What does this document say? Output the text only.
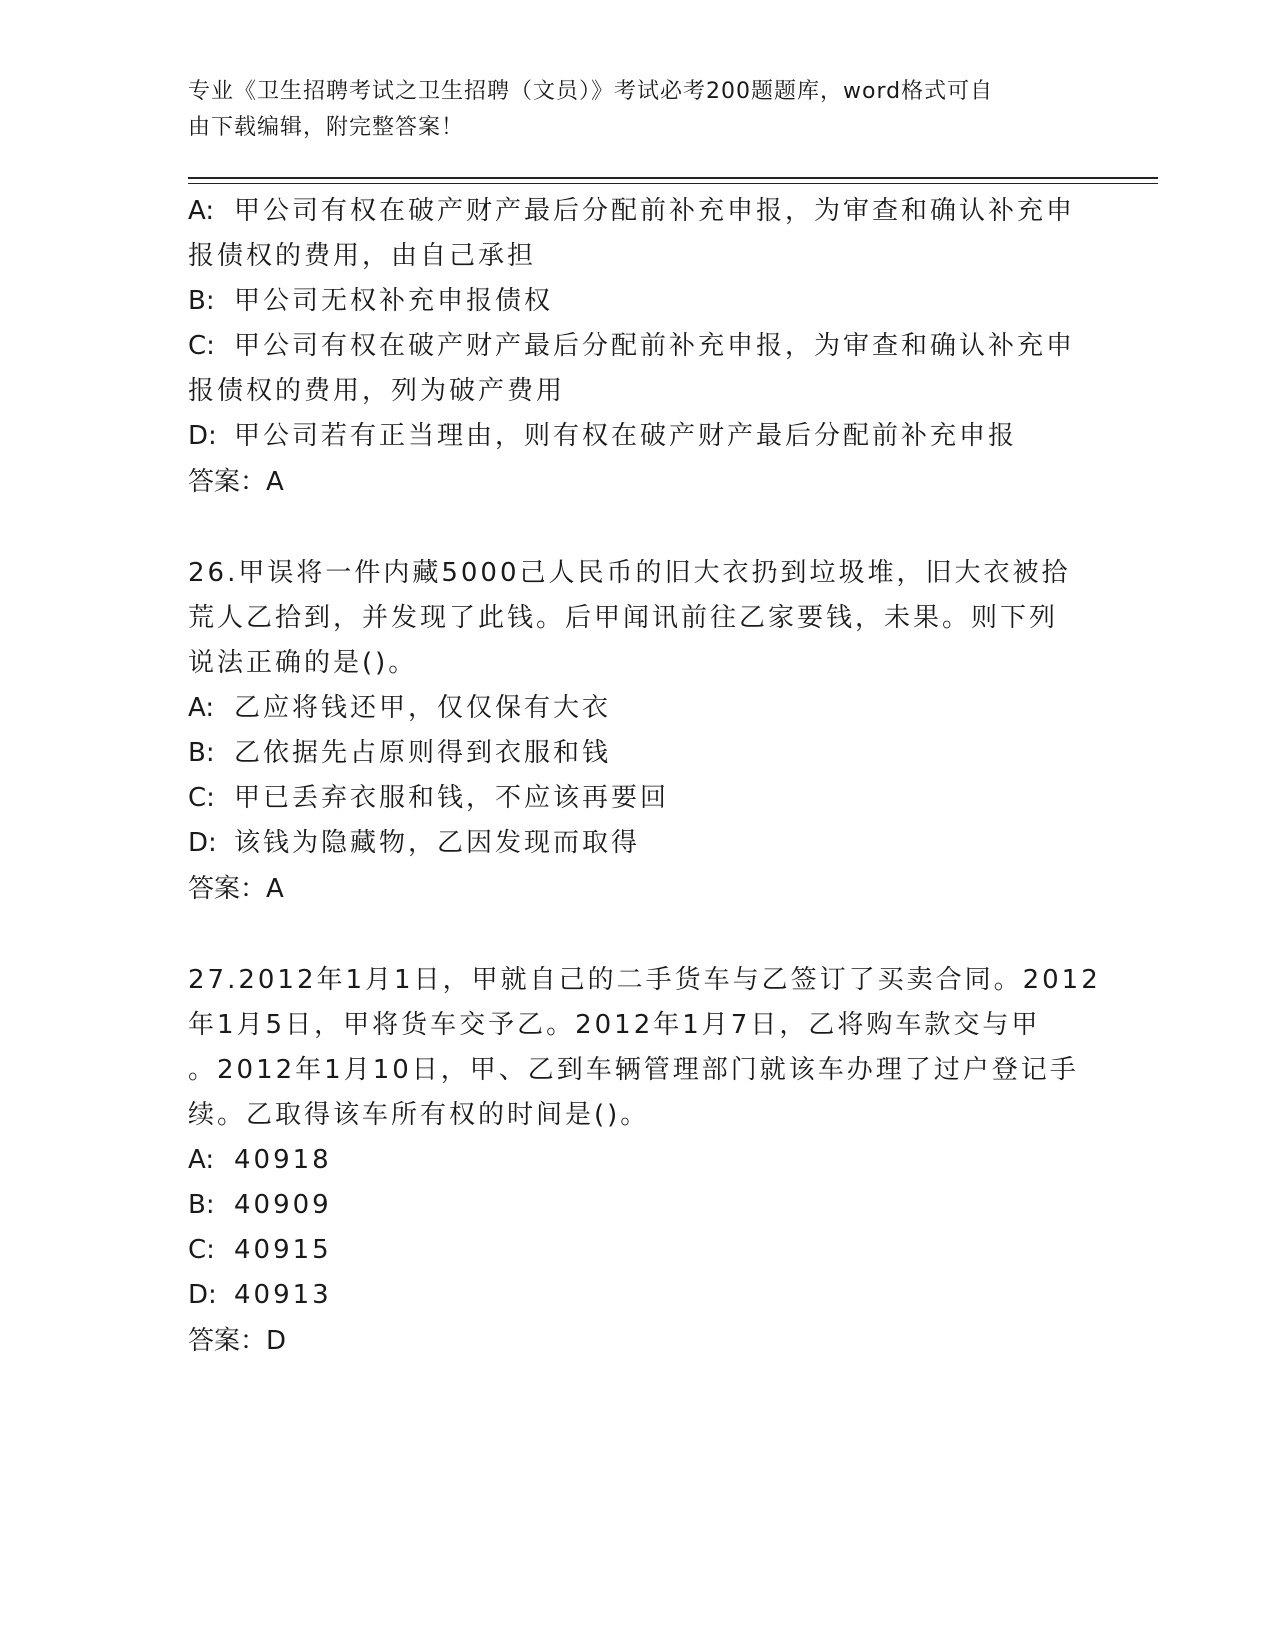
专业《卫生招聘考试之卫生招聘（文员）》考试必考200题题库，word格式可自
由下载编辑，附完整答案！
A: 甲公司有权在破产财产最后分配前补充申报，为审查和确认补充申
报债权的费用，由自己承担
B: 甲公司无权补充申报债权
C: 甲公司有权在破产财产最后分配前补充申报，为审查和确认补充申
报债权的费用，列为破产费用
D: 甲公司若有正当理由，则有权在破产财产最后分配前补充申报
答案：A
26.甲误将一件内藏5000己人民币的旧大衣扔到垃圾堆，旧大衣被拾
荒人乙拾到，并发现了此钱。后甲闻讯前往乙家要钱，未果。则下列
说法正确的是()。
A: 乙应将钱还甲，仅仅保有大衣
B: 乙依据先占原则得到衣服和钱
C: 甲已丢弃衣服和钱，不应该再要回
D: 该钱为隐藏物，乙因发现而取得
答案：A
27.2012年1月1日，甲就自己的二手货车与乙签订了买卖合同。2012
年1月5日，甲将货车交予乙。2012年1月7日，乙将购车款交与甲
。2012年1月10日，甲、乙到车辆管理部门就该车办理了过户登记手
续。乙取得该车所有权的时间是()。
A: 40918
B: 40909
C: 40915
D: 40913
答案：D
